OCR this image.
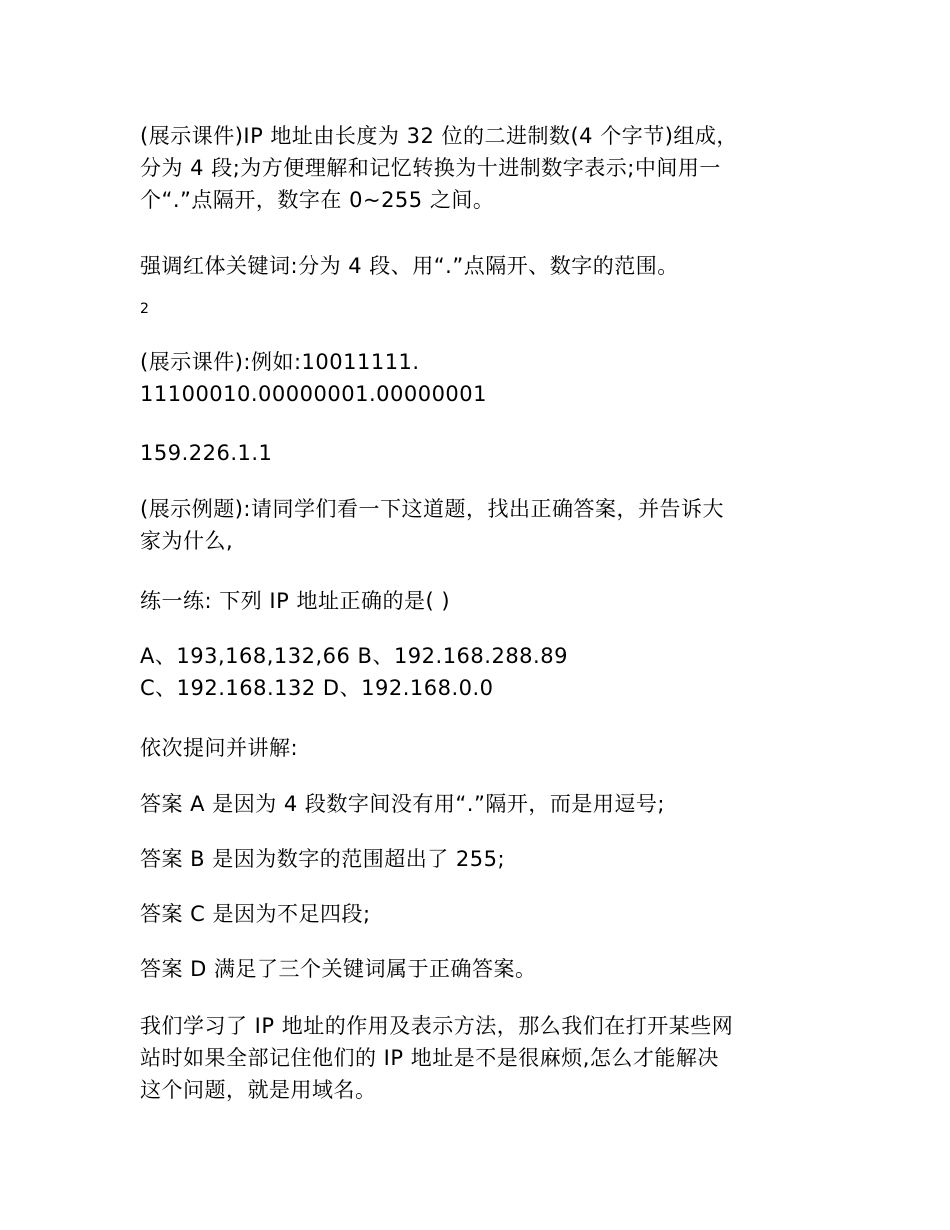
(展示课件)IP 地址由长度为 32 位的二进制数(4 个字节)组成，
分为 4 段;为方便理解和记忆转换为十进制数字表示;中间用一
个“.”点隔开，数字在 0~255 之间。
强调红体关键词:分为 4 段、用“.”点隔开、数字的范围。
2
(展示课件):例如:10011111.
11100010.00000001.00000001
159.226.1.1
(展示例题):请同学们看一下这道题，找出正确答案，并告诉大
家为什么,
练一练: 下列 IP 地址正确的是( )
A、193,168,132,66 B、192.168.288.89
C、192.168.132 D、192.168.0.0
依次提问并讲解:
答案 A 是因为 4 段数字间没有用“.”隔开，而是用逗号;
答案 B 是因为数字的范围超出了 255;
答案 C 是因为不足四段;
答案 D 满足了三个关键词属于正确答案。
我们学习了 IP 地址的作用及表示方法，那么我们在打开某些网
站时如果全部记住他们的 IP 地址是不是很麻烦,怎么才能解决
这个问题，就是用域名。
